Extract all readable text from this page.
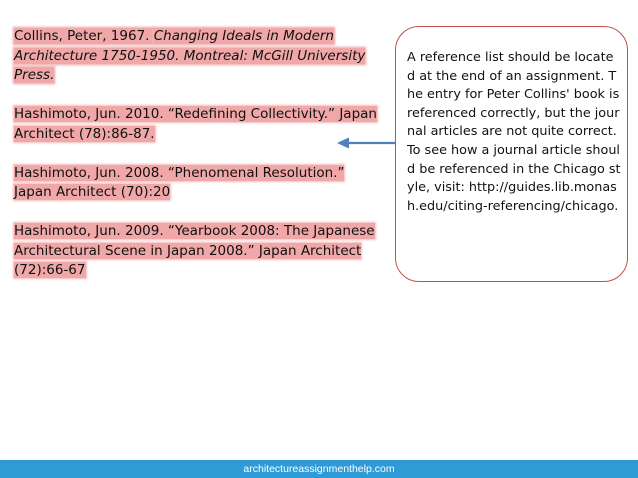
Collins, Peter, 1967. Changing Ideals in Modern Architecture 1750-1950. Montreal: McGill University Press.

Hashimoto, Jun. 2010. “Redefining Collectivity.” Japan Architect (78):86-87.

Hashimoto, Jun. 2008. “Phenomenal Resolution.” Japan Architect (70):20

Hashimoto, Jun. 2009. “Yearbook 2008: The Japanese Architectural Scene in Japan 2008.” Japan Architect (72):66-67

A reference list should be located at the end of an assignment. The entry for Peter Collins' book is referenced correctly, but the journal articles are not quite correct. To see how a journal article should be referenced in the Chicago style, visit: http://guides.lib.monash.edu/citing-referencing/chicago.
architectureassignmenthelp.com
